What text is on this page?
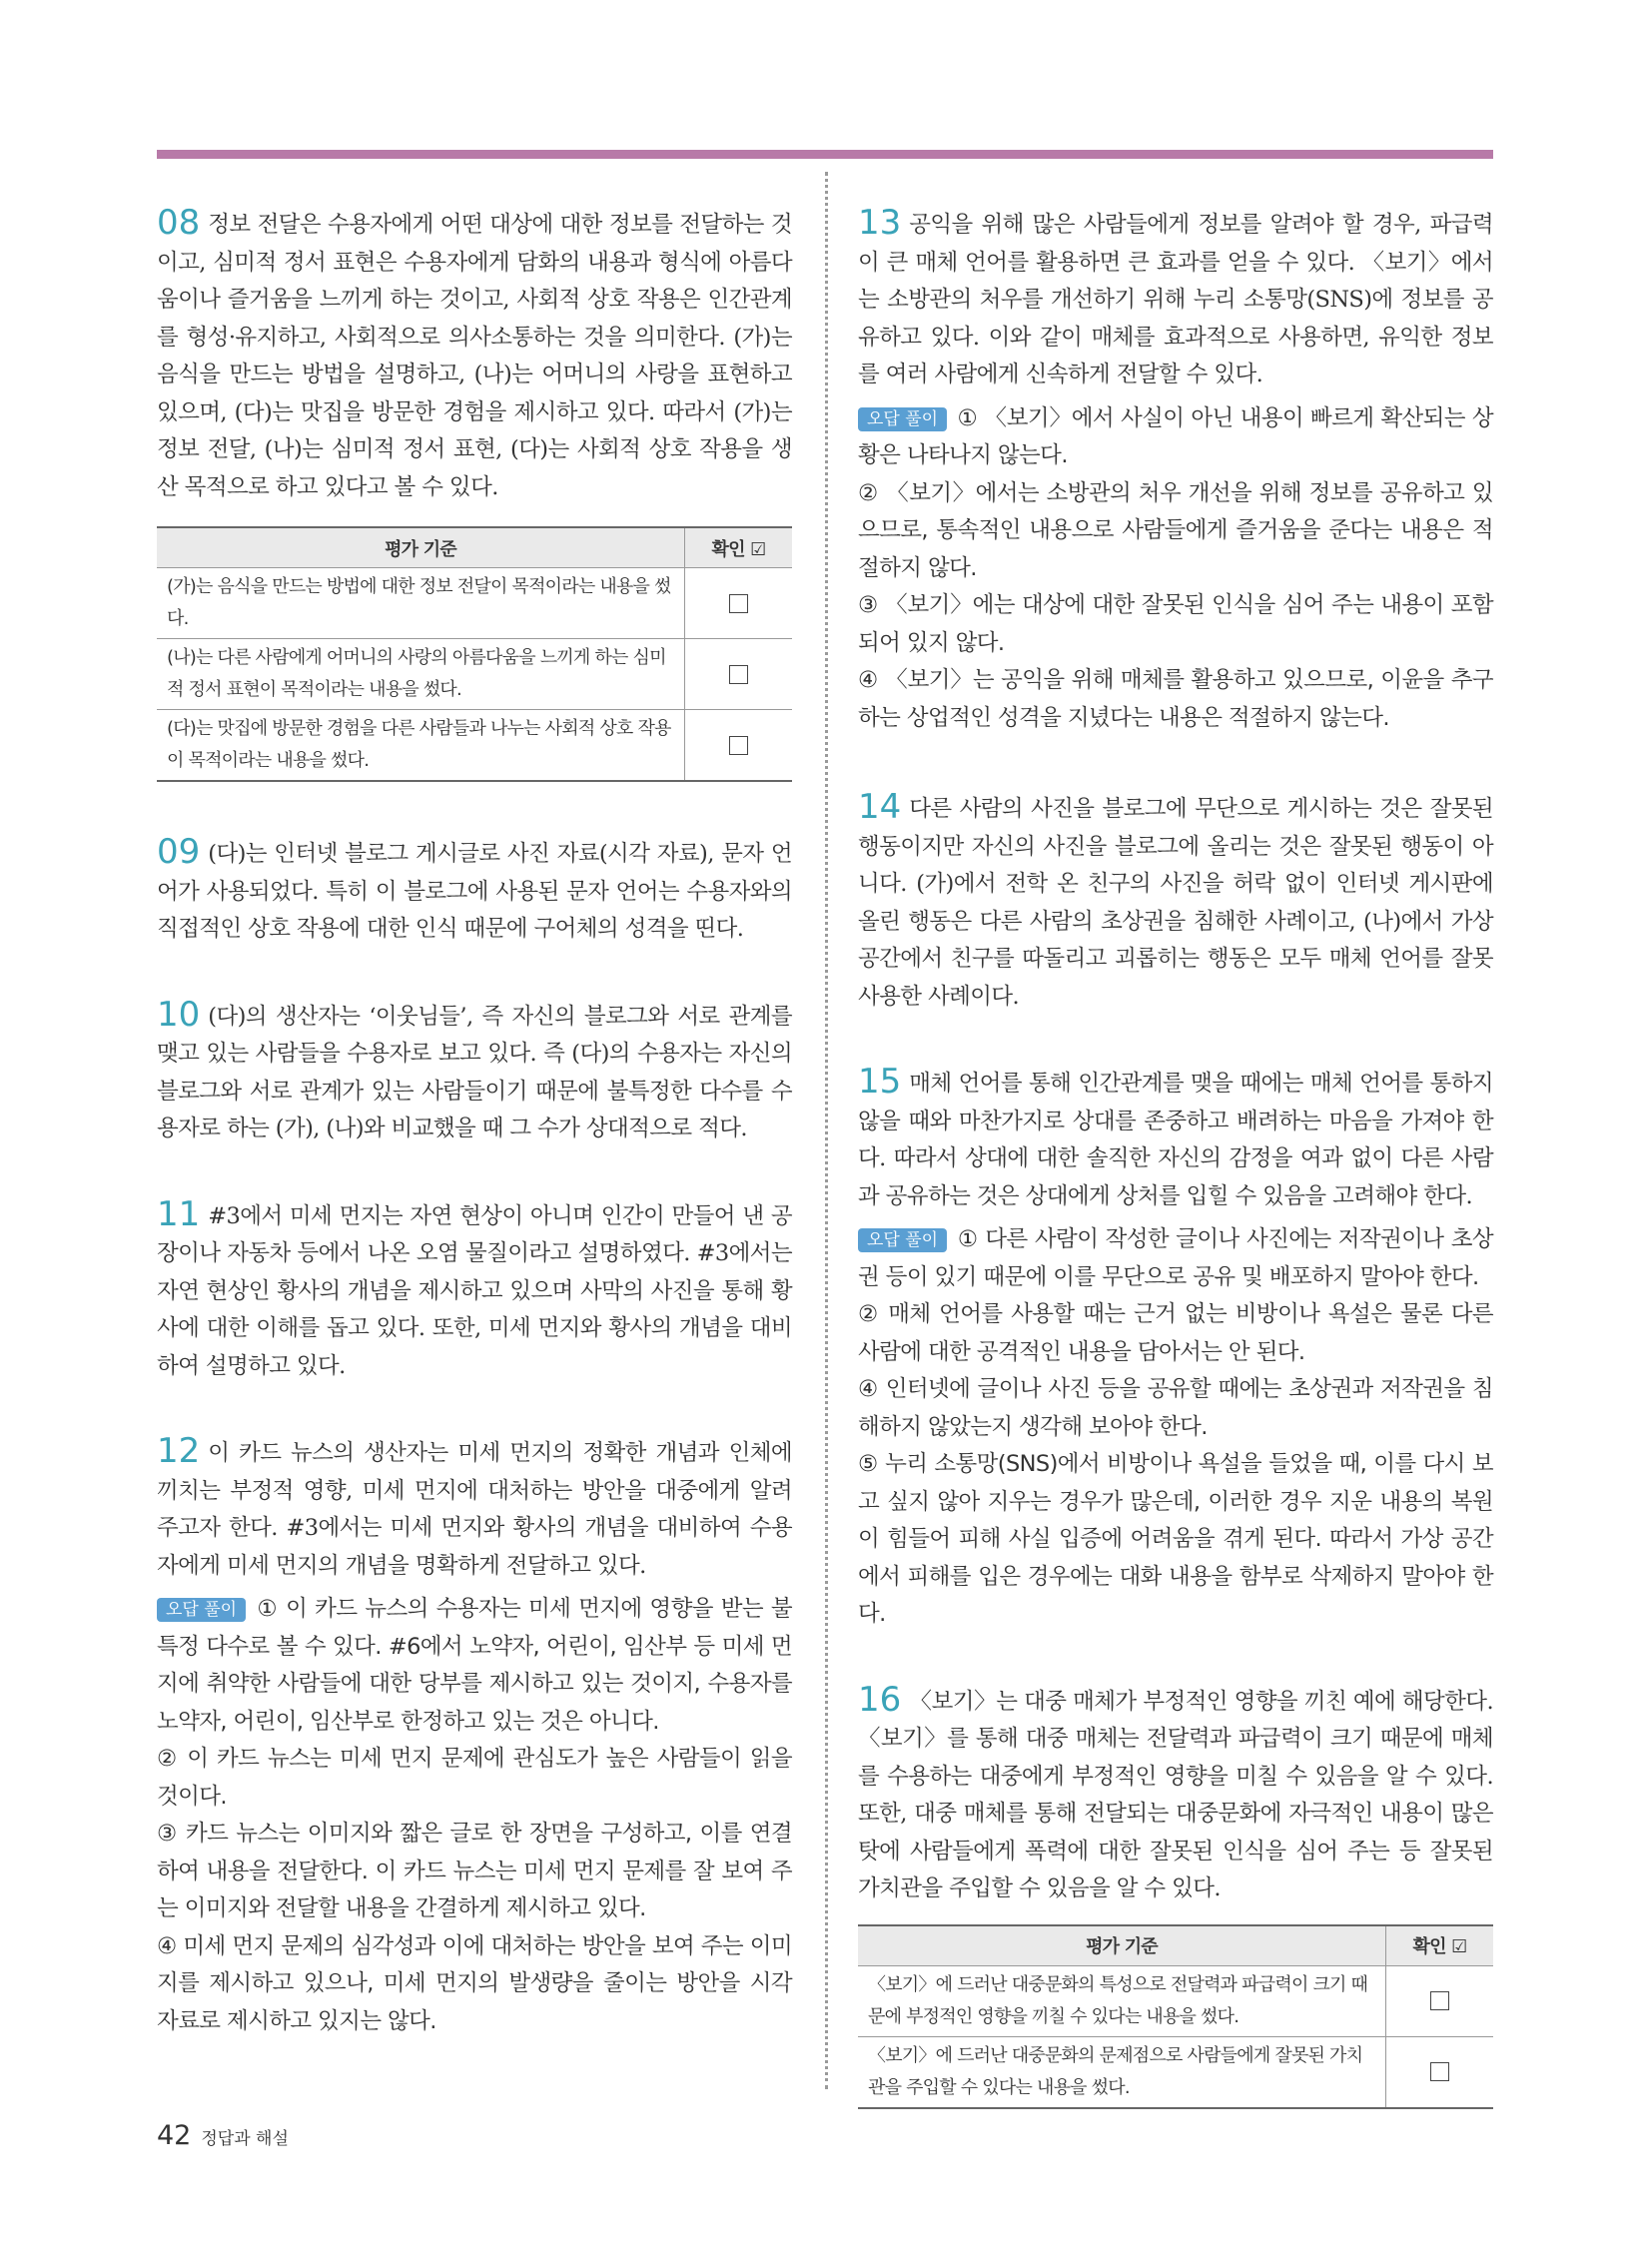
08 정보 전달은 수용자에게 어떤 대상에 대한 정보를 전달하는 것이고, 심미적 정서 표현은 수용자에게 담화의 내용과 형식에 아름다움이나 즐거움을 느끼게 하는 것이고, 사회적 상호 작용은 인간관계를 형성·유지하고, 사회적으로 의사소통하는 것을 의미한다. (가)는 음식을 만드는 방법을 설명하고, (나)는 어머니의 사랑을 표현하고 있으며, (다)는 맛집을 방문한 경험을 제시하고 있다. 따라서 (가)는 정보 전달, (나)는 심미적 정서 표현, (다)는 사회적 상호 작용을 생산 목적으로 하고 있다고 볼 수 있다.

평가 기준	확인 ☑
(가)는 음식을 만드는 방법에 대한 정보 전달이 목적이라는 내용을 썼다.	
(나)는 다른 사람에게 어머니의 사랑의 아름다움을 느끼게 하는 심미적 정서 표현이 목적이라는 내용을 썼다.	
(다)는 맛집에 방문한 경험을 다른 사람들과 나누는 사회적 상호 작용이 목적이라는 내용을 썼다.	

09 (다)는 인터넷 블로그 게시글로 사진 자료(시각 자료), 문자 언어가 사용되었다. 특히 이 블로그에 사용된 문자 언어는 수용자와의 직접적인 상호 작용에 대한 인식 때문에 구어체의 성격을 띤다.

10 (다)의 생산자는 ‘이웃님들’, 즉 자신의 블로그와 서로 관계를 맺고 있는 사람들을 수용자로 보고 있다. 즉 (다)의 수용자는 자신의 블로그와 서로 관계가 있는 사람들이기 때문에 불특정한 다수를 수용자로 하는 (가), (나)와 비교했을 때 그 수가 상대적으로 적다.

11 #3에서 미세 먼지는 자연 현상이 아니며 인간이 만들어 낸 공장이나 자동차 등에서 나온 오염 물질이라고 설명하였다. #3에서는 자연 현상인 황사의 개념을 제시하고 있으며 사막의 사진을 통해 황사에 대한 이해를 돕고 있다. 또한, 미세 먼지와 황사의 개념을 대비하여 설명하고 있다.

12 이 카드 뉴스의 생산자는 미세 먼지의 정확한 개념과 인체에 끼치는 부정적 영향, 미세 먼지에 대처하는 방안을 대중에게 알려 주고자 한다. #3에서는 미세 먼지와 황사의 개념을 대비하여 수용자에게 미세 먼지의 개념을 명확하게 전달하고 있다.

오답 풀이 ① 이 카드 뉴스의 수용자는 미세 먼지에 영향을 받는 불특정 다수로 볼 수 있다. #6에서 노약자, 어린이, 임산부 등 미세 먼지에 취약한 사람들에 대한 당부를 제시하고 있는 것이지, 수용자를 노약자, 어린이, 임산부로 한정하고 있는 것은 아니다.

② 이 카드 뉴스는 미세 먼지 문제에 관심도가 높은 사람들이 읽을 것이다.

③ 카드 뉴스는 이미지와 짧은 글로 한 장면을 구성하고, 이를 연결하여 내용을 전달한다. 이 카드 뉴스는 미세 먼지 문제를 잘 보여 주는 이미지와 전달할 내용을 간결하게 제시하고 있다.

④ 미세 먼지 문제의 심각성과 이에 대처하는 방안을 보여 주는 이미지를 제시하고 있으나, 미세 먼지의 발생량을 줄이는 방안을 시각 자료로 제시하고 있지는 않다.

13 공익을 위해 많은 사람들에게 정보를 알려야 할 경우, 파급력이 큰 매체 언어를 활용하면 큰 효과를 얻을 수 있다. 〈보기〉에서는 소방관의 처우를 개선하기 위해 누리 소통망(SNS)에 정보를 공유하고 있다. 이와 같이 매체를 효과적으로 사용하면, 유익한 정보를 여러 사람에게 신속하게 전달할 수 있다.

오답 풀이 ① 〈보기〉에서 사실이 아닌 내용이 빠르게 확산되는 상황은 나타나지 않는다.

② 〈보기〉에서는 소방관의 처우 개선을 위해 정보를 공유하고 있으므로, 통속적인 내용으로 사람들에게 즐거움을 준다는 내용은 적절하지 않다.

③ 〈보기〉에는 대상에 대한 잘못된 인식을 심어 주는 내용이 포함되어 있지 않다.

④ 〈보기〉는 공익을 위해 매체를 활용하고 있으므로, 이윤을 추구하는 상업적인 성격을 지녔다는 내용은 적절하지 않는다.

14 다른 사람의 사진을 블로그에 무단으로 게시하는 것은 잘못된 행동이지만 자신의 사진을 블로그에 올리는 것은 잘못된 행동이 아니다. (가)에서 전학 온 친구의 사진을 허락 없이 인터넷 게시판에 올린 행동은 다른 사람의 초상권을 침해한 사례이고, (나)에서 가상 공간에서 친구를 따돌리고 괴롭히는 행동은 모두 매체 언어를 잘못 사용한 사례이다.

15 매체 언어를 통해 인간관계를 맺을 때에는 매체 언어를 통하지 않을 때와 마찬가지로 상대를 존중하고 배려하는 마음을 가져야 한다. 따라서 상대에 대한 솔직한 자신의 감정을 여과 없이 다른 사람과 공유하는 것은 상대에게 상처를 입힐 수 있음을 고려해야 한다.

오답 풀이 ① 다른 사람이 작성한 글이나 사진에는 저작권이나 초상권 등이 있기 때문에 이를 무단으로 공유 및 배포하지 말아야 한다.

② 매체 언어를 사용할 때는 근거 없는 비방이나 욕설은 물론 다른 사람에 대한 공격적인 내용을 담아서는 안 된다.

④ 인터넷에 글이나 사진 등을 공유할 때에는 초상권과 저작권을 침해하지 않았는지 생각해 보아야 한다.

⑤ 누리 소통망(SNS)에서 비방이나 욕설을 들었을 때, 이를 다시 보고 싶지 않아 지우는 경우가 많은데, 이러한 경우 지운 내용의 복원이 힘들어 피해 사실 입증에 어려움을 겪게 된다. 따라서 가상 공간에서 피해를 입은 경우에는 대화 내용을 함부로 삭제하지 말아야 한다.

16 〈보기〉는 대중 매체가 부정적인 영향을 끼친 예에 해당한다. 〈보기〉를 통해 대중 매체는 전달력과 파급력이 크기 때문에 매체를 수용하는 대중에게 부정적인 영향을 미칠 수 있음을 알 수 있다. 또한, 대중 매체를 통해 전달되는 대중문화에 자극적인 내용이 많은 탓에 사람들에게 폭력에 대한 잘못된 인식을 심어 주는 등 잘못된 가치관을 주입할 수 있음을 알 수 있다.

평가 기준	확인 ☑
〈보기〉에 드러난 대중문화의 특성으로 전달력과 파급력이 크기 때문에 부정적인 영향을 끼칠 수 있다는 내용을 썼다.	
〈보기〉에 드러난 대중문화의 문제점으로 사람들에게 잘못된 가치관을 주입할 수 있다는 내용을 썼다.	
42 정답과 해설
